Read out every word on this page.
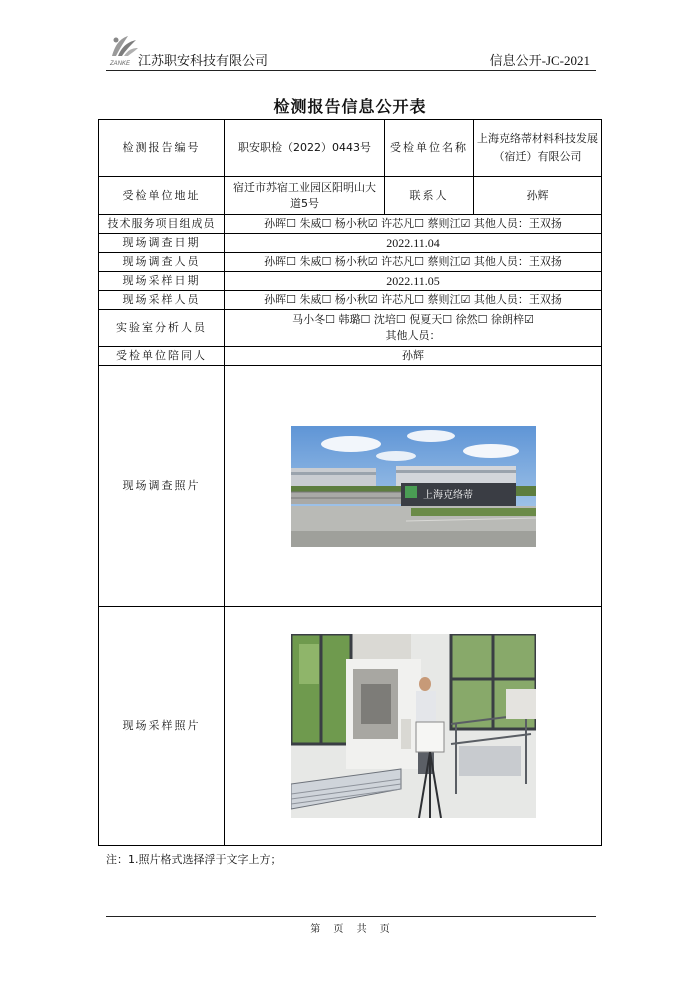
ZANKE 江苏职安科技有限公司	信息公开-JC-2021
检测报告信息公开表
检测报告编号	职安职检（2022）0443号	受检单位名称	上海克络蒂材料科技发展（宿迁）有限公司
受检单位地址	宿迁市苏宿工业园区阳明山大道5号	联系人	孙辉
技术服务项目组成员	孙晖☐ 朱威☐ 杨小秋☑ 许芯凡☐ 蔡则江☑ 其他人员：王双扬		
现场调查日期	2022.11.04		
现场调查人员	孙晖☐ 朱威☐ 杨小秋☑ 许芯凡☐ 蔡则江☑ 其他人员：王双扬		
现场采样日期	2022.11.05		
现场采样人员	孙晖☐ 朱威☐ 杨小秋☑ 许芯凡☐ 蔡则江☑ 其他人员：王双扬		
实验室分析人员	马小冬☐ 韩璐☐ 沈培☐ 倪夏天☐ 徐然☐ 徐朗梓☑
其他人员：		

受检单位陪同人	孙辉		
现场调查照片	上海克络蒂		

现场采样照片	
注：1.照片格式选择浮于文字上方；
第 页 共 页
